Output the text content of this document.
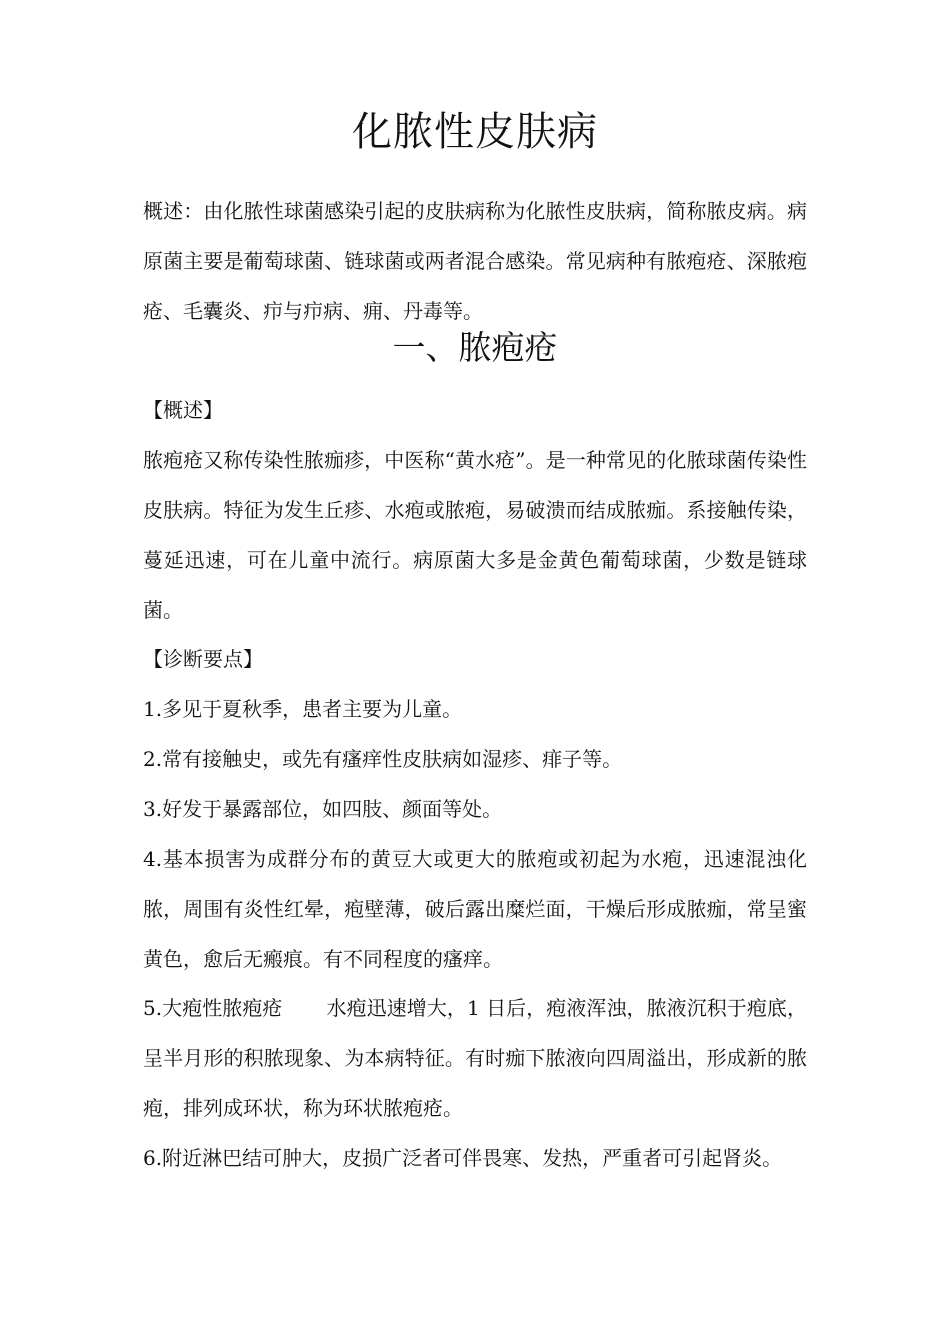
化脓性皮肤病

概述：由化脓性球菌感染引起的皮肤病称为化脓性皮肤病，简称脓皮病。病原菌主要是葡萄球菌、链球菌或两者混合感染。常见病种有脓疱疮、深脓疱疮、毛囊炎、疖与疖病、痈、丹毒等。

一、脓疱疮

【概述】

脓疱疮又称传染性脓痂疹，中医称“黄水疮”。是一种常见的化脓球菌传染性皮肤病。特征为发生丘疹、水疱或脓疱，易破溃而结成脓痂。系接触传染，蔓延迅速，可在儿童中流行。病原菌大多是金黄色葡萄球菌，少数是链球菌。

【诊断要点】

1.多见于夏秋季，患者主要为儿童。

2.常有接触史，或先有瘙痒性皮肤病如湿疹、痱子等。

3.好发于暴露部位，如四肢、颜面等处。

4.基本损害为成群分布的黄豆大或更大的脓疱或初起为水疱，迅速混浊化脓，周围有炎性红晕，疱壁薄，破后露出糜烂面，干燥后形成脓痂，常呈蜜黄色，愈后无瘢痕。有不同程度的瘙痒。

5.大疱性脓疱疮 水疱迅速增大，1 日后，疱液浑浊，脓液沉积于疱底，呈半月形的积脓现象、为本病特征。有时痂下脓液向四周溢出，形成新的脓疱，排列成环状，称为环状脓疱疮。

6.附近淋巴结可肿大，皮损广泛者可伴畏寒、发热，严重者可引起肾炎。
